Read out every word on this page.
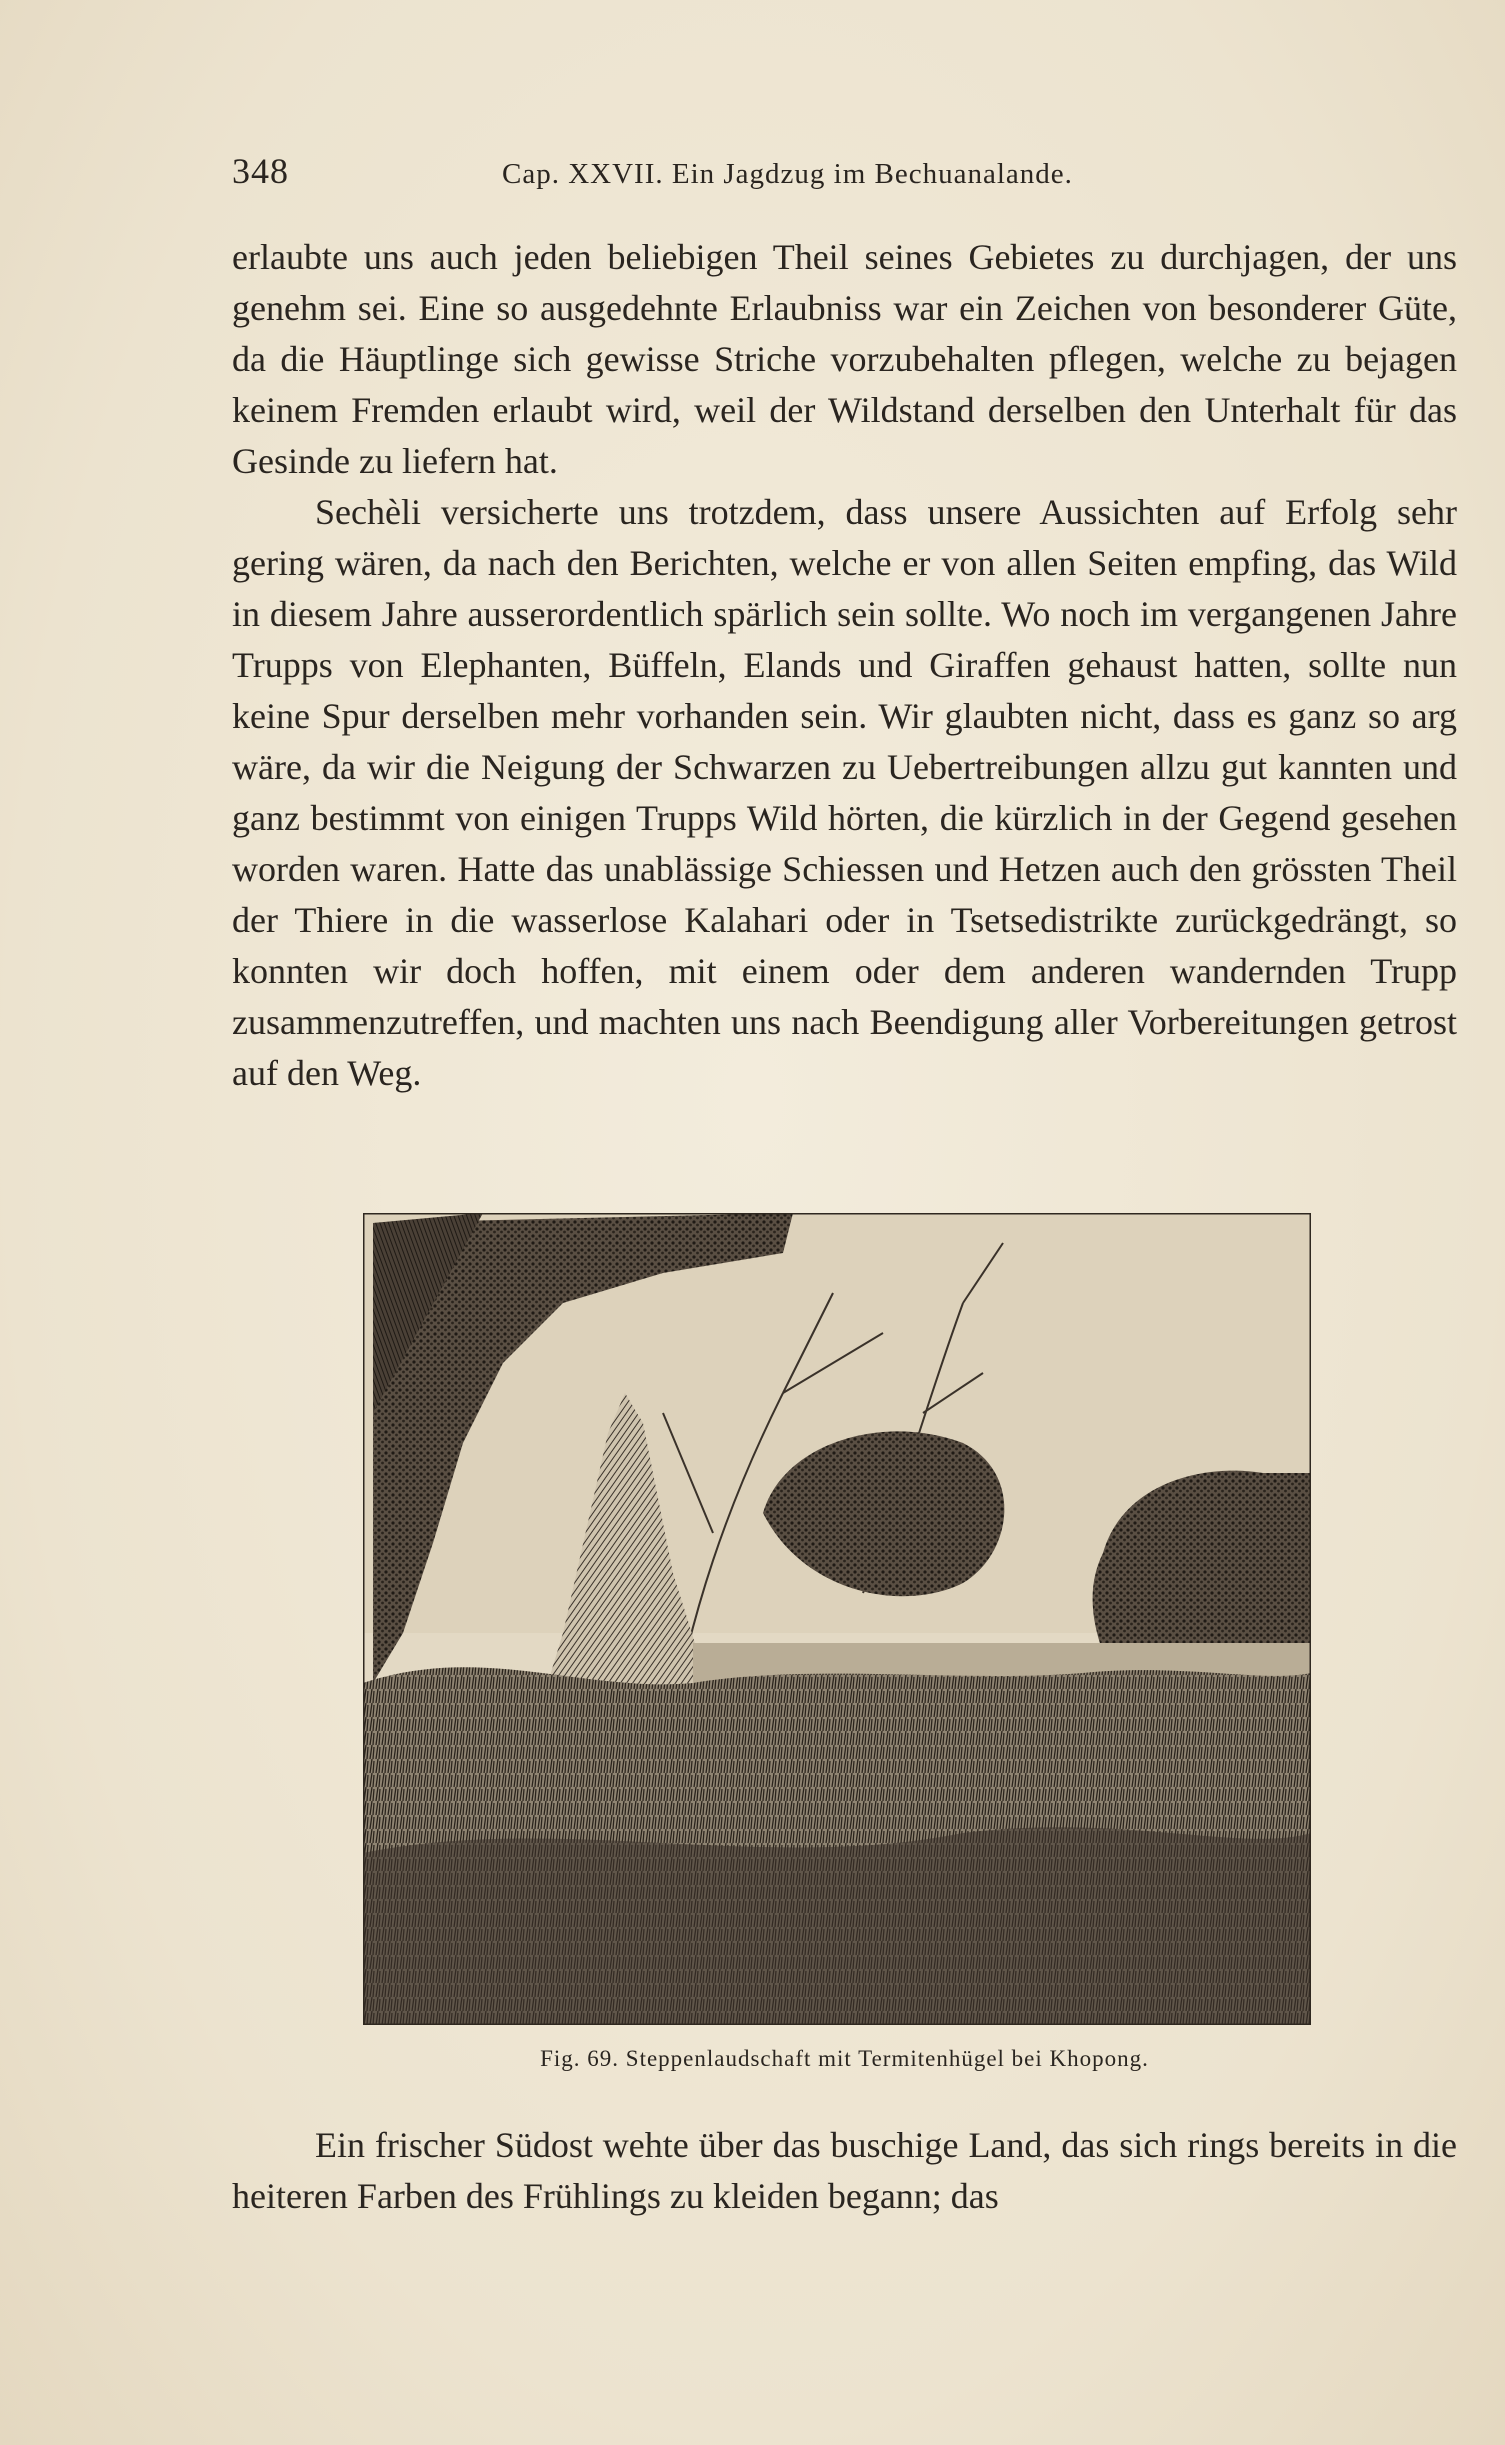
348	Cap. XXVII. Ein Jagdzug im Bechuanalande.

erlaubte uns auch jeden beliebigen Theil seines Gebietes zu durchjagen, der uns genehm sei. Eine so ausgedehnte Erlaubniss war ein Zeichen von besonderer Güte, da die Häuptlinge sich gewisse Striche vorzubehalten pflegen, welche zu bejagen keinem Fremden erlaubt wird, weil der Wildstand derselben den Unterhalt für das Gesinde zu liefern hat.

Sechèli versicherte uns trotzdem, dass unsere Aussichten auf Erfolg sehr gering wären, da nach den Berichten, welche er von allen Seiten empfing, das Wild in diesem Jahre ausserordentlich spärlich sein sollte. Wo noch im vergangenen Jahre Trupps von Elephanten, Büffeln, Elands und Giraffen gehaust hatten, sollte nun keine Spur derselben mehr vorhanden sein. Wir glaubten nicht, dass es ganz so arg wäre, da wir die Neigung der Schwarzen zu Uebertreibungen allzu gut kannten und ganz bestimmt von einigen Trupps Wild hörten, die kürzlich in der Gegend gesehen worden waren. Hatte das unablässige Schiessen und Hetzen auch den grössten Theil der Thiere in die wasserlose Kalahari oder in Tsetsedistrikte zurückgedrängt, so konnten wir doch hoffen, mit einem oder dem anderen wandernden Trupp zusammenzutreffen, und machten uns nach Beendigung aller Vorbereitungen getrost auf den Weg.

Fig. 69. Steppenlaudschaft mit Termitenhügel bei Khopong.

Ein frischer Südost wehte über das buschige Land, das sich rings bereits in die heiteren Farben des Frühlings zu kleiden begann; das
